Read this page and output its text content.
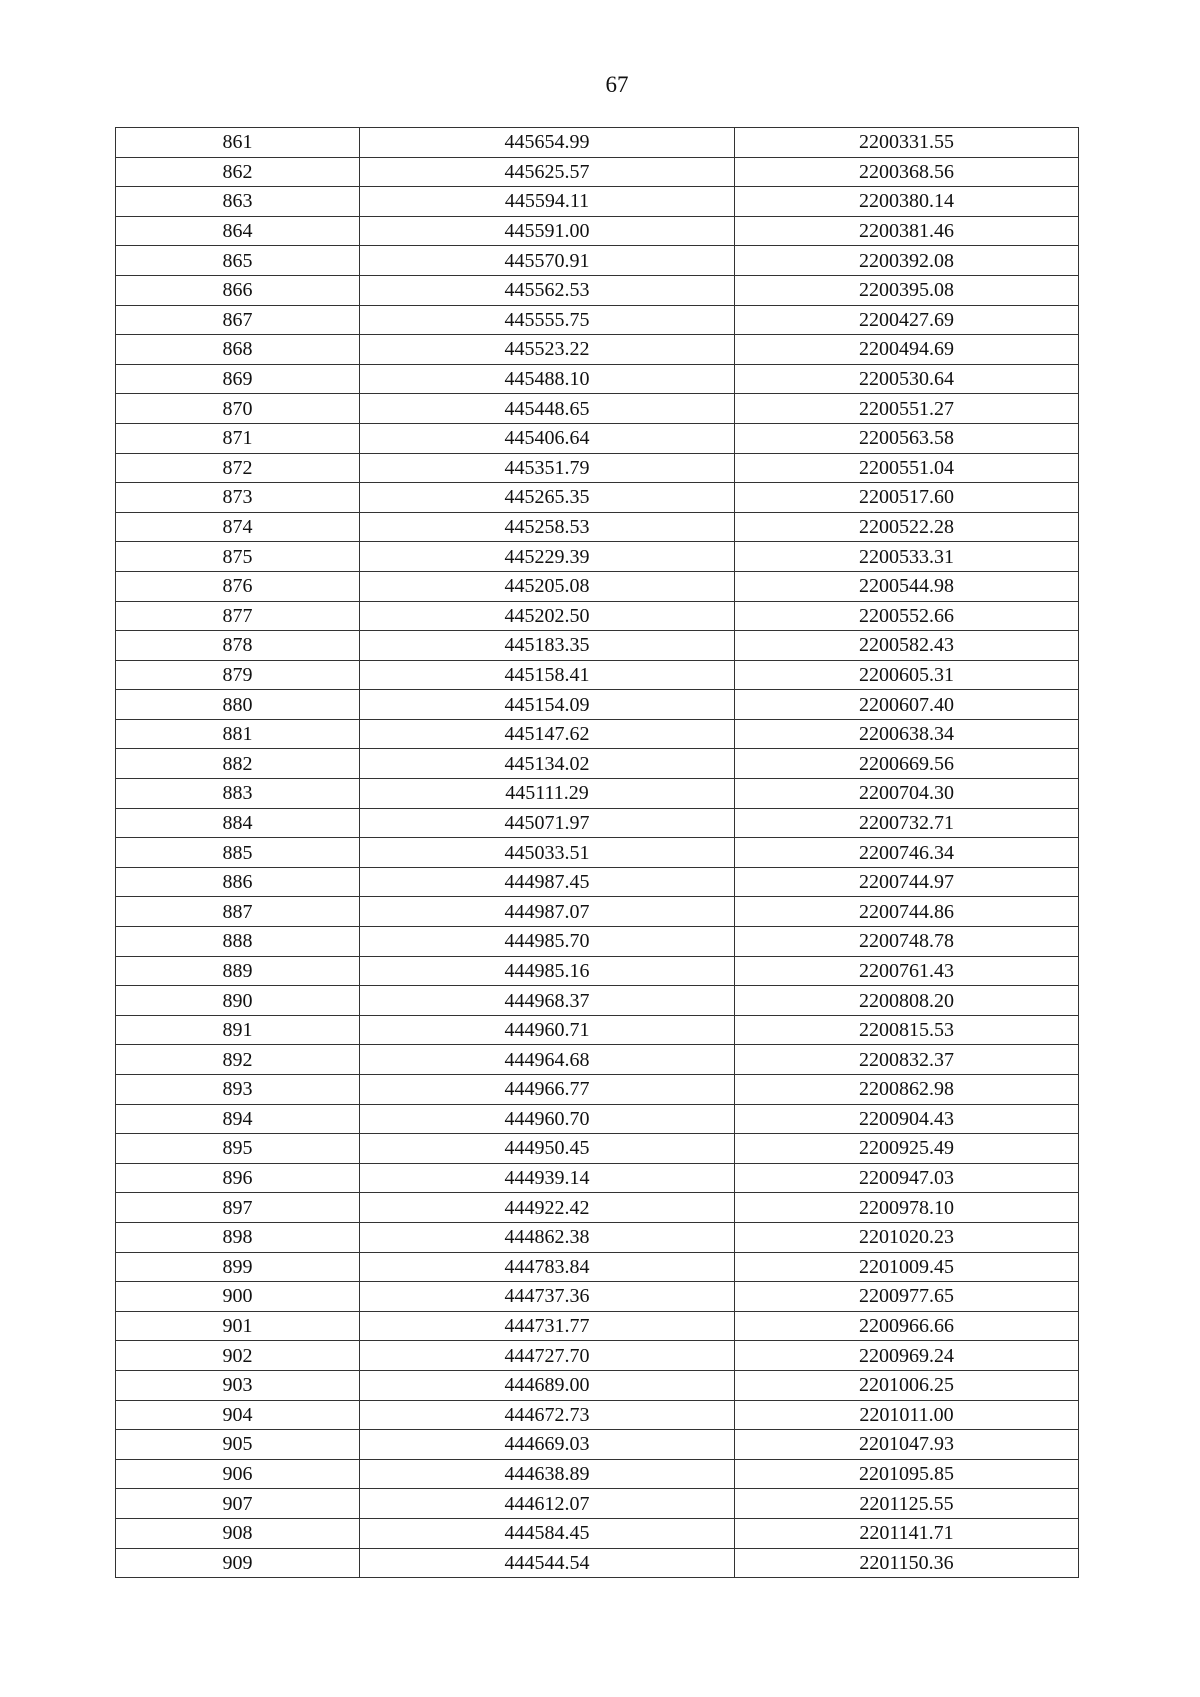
67
861	445654.99	2200331.55
862	445625.57	2200368.56
863	445594.11	2200380.14
864	445591.00	2200381.46
865	445570.91	2200392.08
866	445562.53	2200395.08
867	445555.75	2200427.69
868	445523.22	2200494.69
869	445488.10	2200530.64
870	445448.65	2200551.27
871	445406.64	2200563.58
872	445351.79	2200551.04
873	445265.35	2200517.60
874	445258.53	2200522.28
875	445229.39	2200533.31
876	445205.08	2200544.98
877	445202.50	2200552.66
878	445183.35	2200582.43
879	445158.41	2200605.31
880	445154.09	2200607.40
881	445147.62	2200638.34
882	445134.02	2200669.56
883	445111.29	2200704.30
884	445071.97	2200732.71
885	445033.51	2200746.34
886	444987.45	2200744.97
887	444987.07	2200744.86
888	444985.70	2200748.78
889	444985.16	2200761.43
890	444968.37	2200808.20
891	444960.71	2200815.53
892	444964.68	2200832.37
893	444966.77	2200862.98
894	444960.70	2200904.43
895	444950.45	2200925.49
896	444939.14	2200947.03
897	444922.42	2200978.10
898	444862.38	2201020.23
899	444783.84	2201009.45
900	444737.36	2200977.65
901	444731.77	2200966.66
902	444727.70	2200969.24
903	444689.00	2201006.25
904	444672.73	2201011.00
905	444669.03	2201047.93
906	444638.89	2201095.85
907	444612.07	2201125.55
908	444584.45	2201141.71
909	444544.54	2201150.36
